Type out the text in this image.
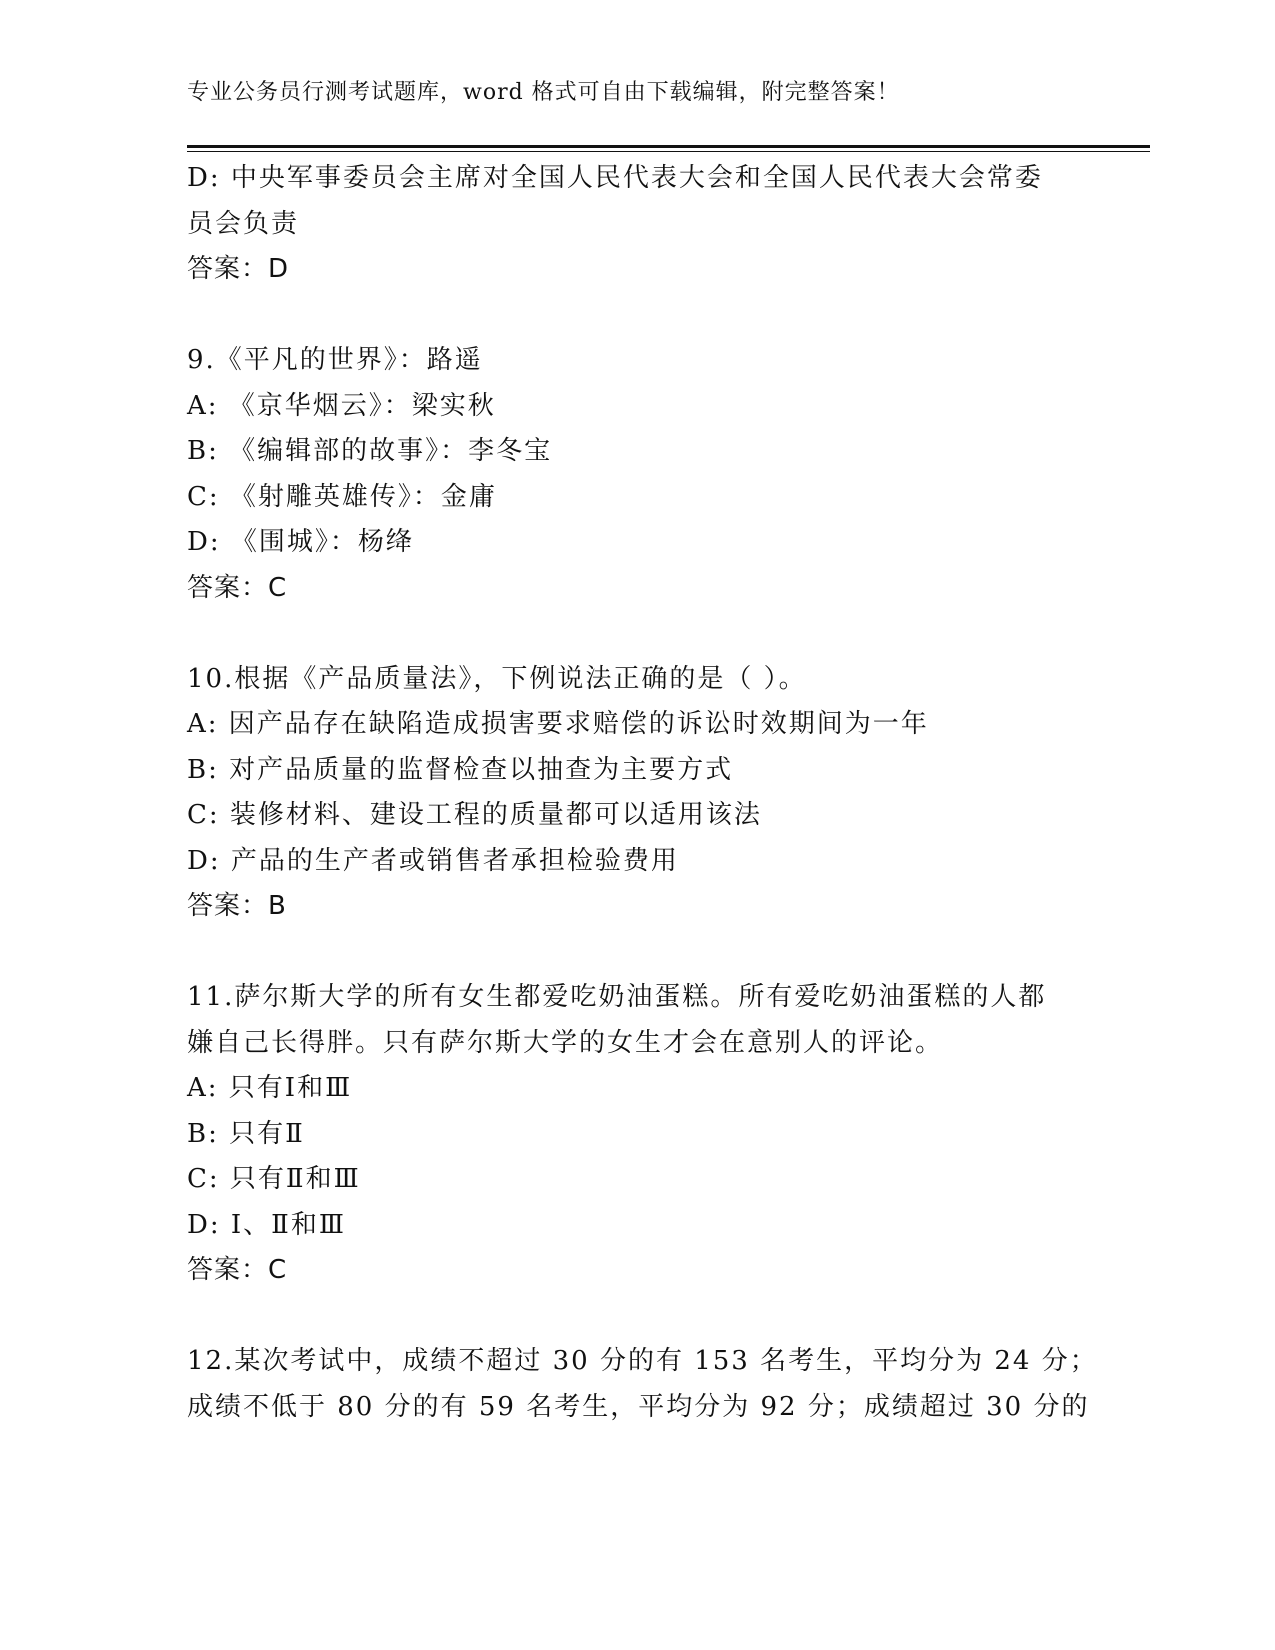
专业公务员行测考试题库，word 格式可自由下载编辑，附完整答案！
D: 中央军事委员会主席对全国人民代表大会和全国人民代表大会常委
员会负责
答案：D
9.《平凡的世界》：路遥
A: 《京华烟云》：梁实秋
B: 《编辑部的故事》：李冬宝
C: 《射雕英雄传》：金庸
D: 《围城》：杨绛
答案：C
10.根据《产品质量法》，下例说法正确的是（ ）。
A: 因产品存在缺陷造成损害要求赔偿的诉讼时效期间为一年
B: 对产品质量的监督检查以抽查为主要方式
C: 装修材料、建设工程的质量都可以适用该法
D: 产品的生产者或销售者承担检验费用
答案：B
11.萨尔斯大学的所有女生都爱吃奶油蛋糕。所有爱吃奶油蛋糕的人都
嫌自己长得胖。只有萨尔斯大学的女生才会在意别人的评论。
A: 只有Ⅰ和Ⅲ
B: 只有Ⅱ
C: 只有Ⅱ和Ⅲ
D: Ⅰ、Ⅱ和Ⅲ
答案：C
12.某次考试中，成绩不超过 30 分的有 153 名考生，平均分为 24 分；
成绩不低于 80 分的有 59 名考生，平均分为 92 分；成绩超过 30 分的
